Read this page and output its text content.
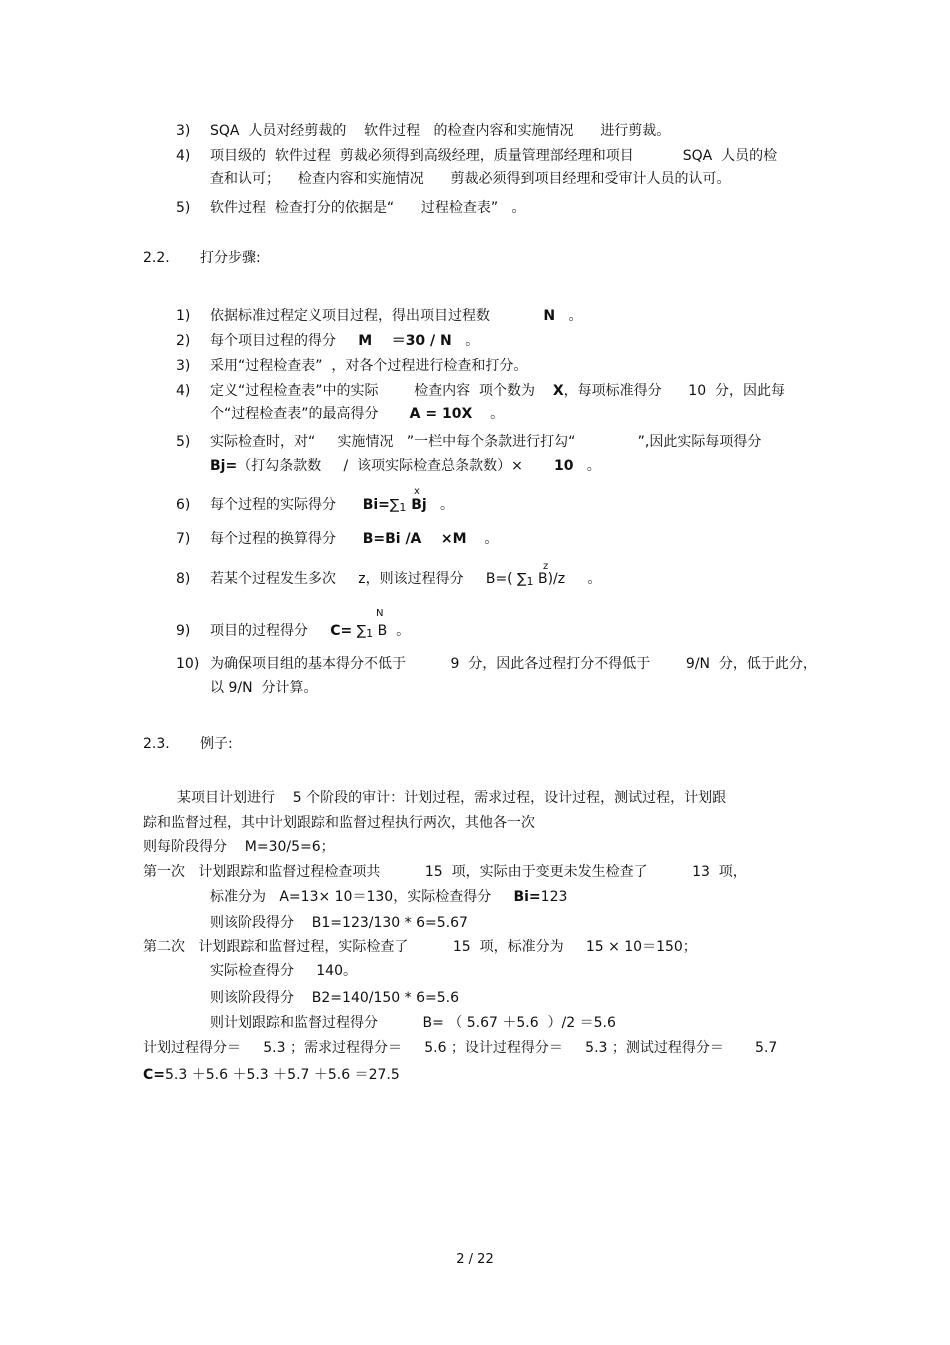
3) SQA  人员对经剪裁的    软件过程   的检查内容和实施情况      进行剪裁。
4) 项目级的  软件过程  剪裁必须得到高级经理，质量管理部经理和项目           SQA  人员的检
查和认可；    检查内容和实施情况      剪裁必须得到项目经理和受审计人员的认可。
5) 软件过程  检查打分的依据是“      过程检查表”   。
2.2. 打分步骤:
1) 依据标准过程定义项目过程，得出项目过程数            N   。
2) 每个项目过程的得分     M    ＝30 / N   。
3) 采用“过程检查表”  ，对各个过程进行检查和打分。
4) 定义“过程检查表”中的实际        检查内容  项个数为    X，每项标准得分      10  分，因此每
个“过程检查表”的最高得分       A = 10X    。
5) 实际检查时，对“     实施情况   ”一栏中每个条款进行打勾“              ”,因此实际每项得分
Bj=（打勾条款数     /  该项实际检查总条款数）×       10   。
6) 每个过程的实际得分      Bi=∑1 Bj   。
x
7) 每个过程的换算得分      B=Bi /A    ×M    。
8) 若某个过程发生多次     z，则该过程得分     B=( ∑1 B)/z     。
z
9) 项目的过程得分     C= ∑1 B  。
N
10) 为确保项目组的基本得分不低于          9  分，因此各过程打分不得低于        9/N  分，低于此分，
以 9/N  分计算。
2.3. 例子:
某项目计划进行    5 个阶段的审计：计划过程，需求过程，设计过程，测试过程，计划跟
踪和监督过程，其中计划跟踪和监督过程执行两次，其他各一次
则每阶段得分    M=30/5=6；
第一次   计划跟踪和监督过程检查项共          15  项，实际由于变更未发生检查了          13  项，
标准分为   A=13× 10＝130，实际检查得分     Bi=123
则该阶段得分    B1=123/130 * 6=5.67
第二次   计划跟踪和监督过程，实际检查了          15  项，标准分为     15 × 10＝150；
实际检查得分     140。
则该阶段得分    B2=140/150 * 6=5.6
则计划跟踪和监督过程得分          B= （ 5.67 ＋5.6  ）/2 ＝5.6
计划过程得分＝     5.3 ；需求过程得分＝     5.6 ；设计过程得分＝     5.3 ；测试过程得分＝       5.7
C=5.3 ＋5.6 ＋5.3 ＋5.7 ＋5.6 ＝27.5
2 / 22
